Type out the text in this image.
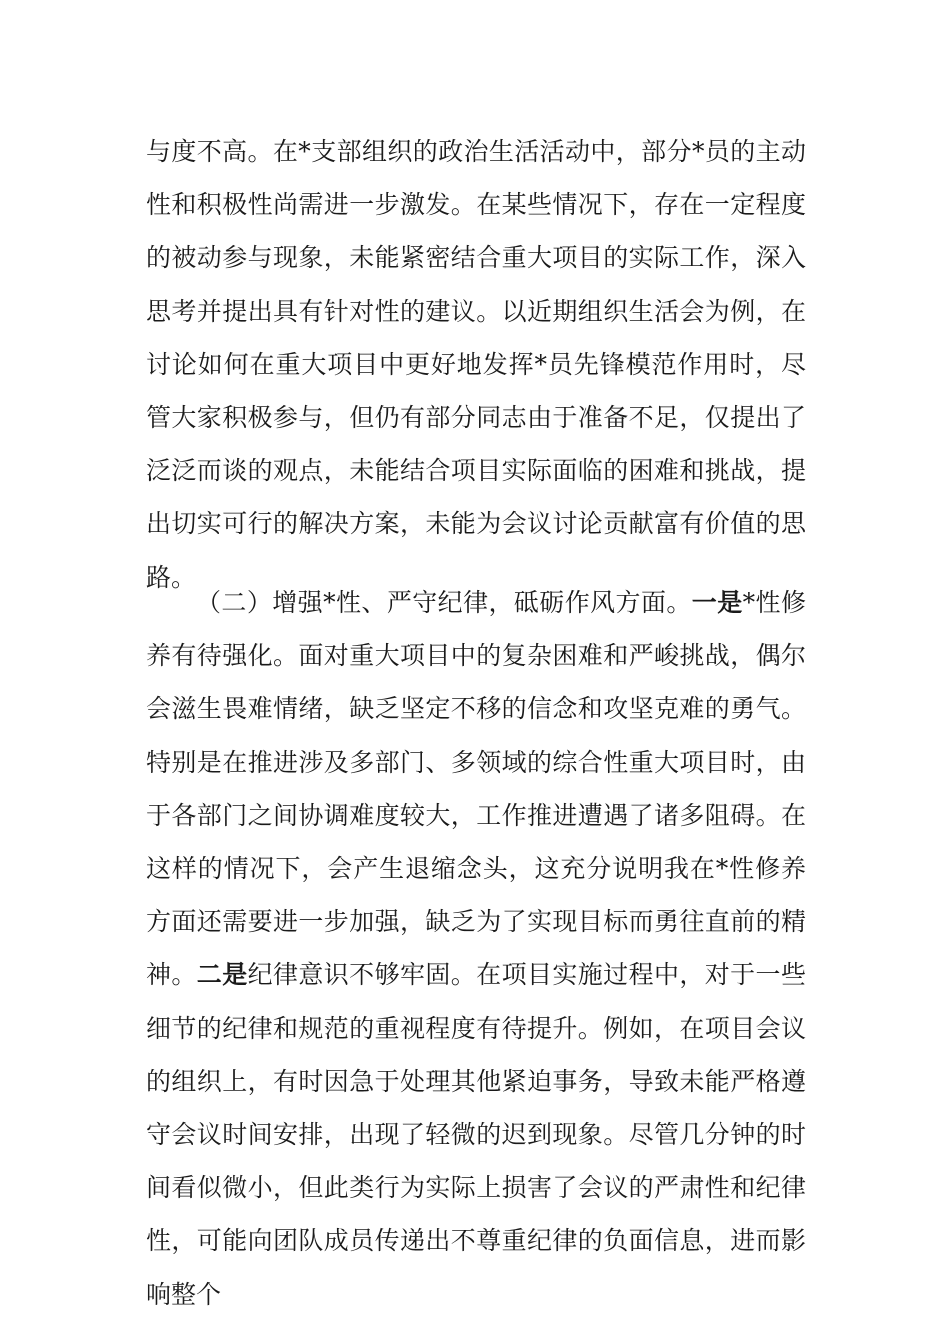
与度不高。在*支部组织的政治生活活动中，部分*员的主动性和积极性尚需进一步激发。在某些情况下，存在一定程度的被动参与现象，未能紧密结合重大项目的实际工作，深入思考并提出具有针对性的建议。以近期组织生活会为例，在讨论如何在重大项目中更好地发挥*员先锋模范作用时，尽管大家积极参与，但仍有部分同志由于准备不足，仅提出了泛泛而谈的观点，未能结合项目实际面临的困难和挑战，提出切实可行的解决方案，未能为会议讨论贡献富有价值的思路。

（二）增强*性、严守纪律，砥砺作风方面。一是*性修养有待强化。面对重大项目中的复杂困难和严峻挑战，偶尔会滋生畏难情绪，缺乏坚定不移的信念和攻坚克难的勇气。特别是在推进涉及多部门、多领域的综合性重大项目时，由于各部门之间协调难度较大，工作推进遭遇了诸多阻碍。在这样的情况下，会产生退缩念头，这充分说明我在*性修养方面还需要进一步加强，缺乏为了实现目标而勇往直前的精神。二是纪律意识不够牢固。在项目实施过程中，对于一些细节的纪律和规范的重视程度有待提升。例如，在项目会议的组织上，有时因急于处理其他紧迫事务，导致未能严格遵守会议时间安排，出现了轻微的迟到现象。尽管几分钟的时间看似微小，但此类行为实际上损害了会议的严肃性和纪律性，可能向团队成员传递出不尊重纪律的负面信息，进而影响整个
